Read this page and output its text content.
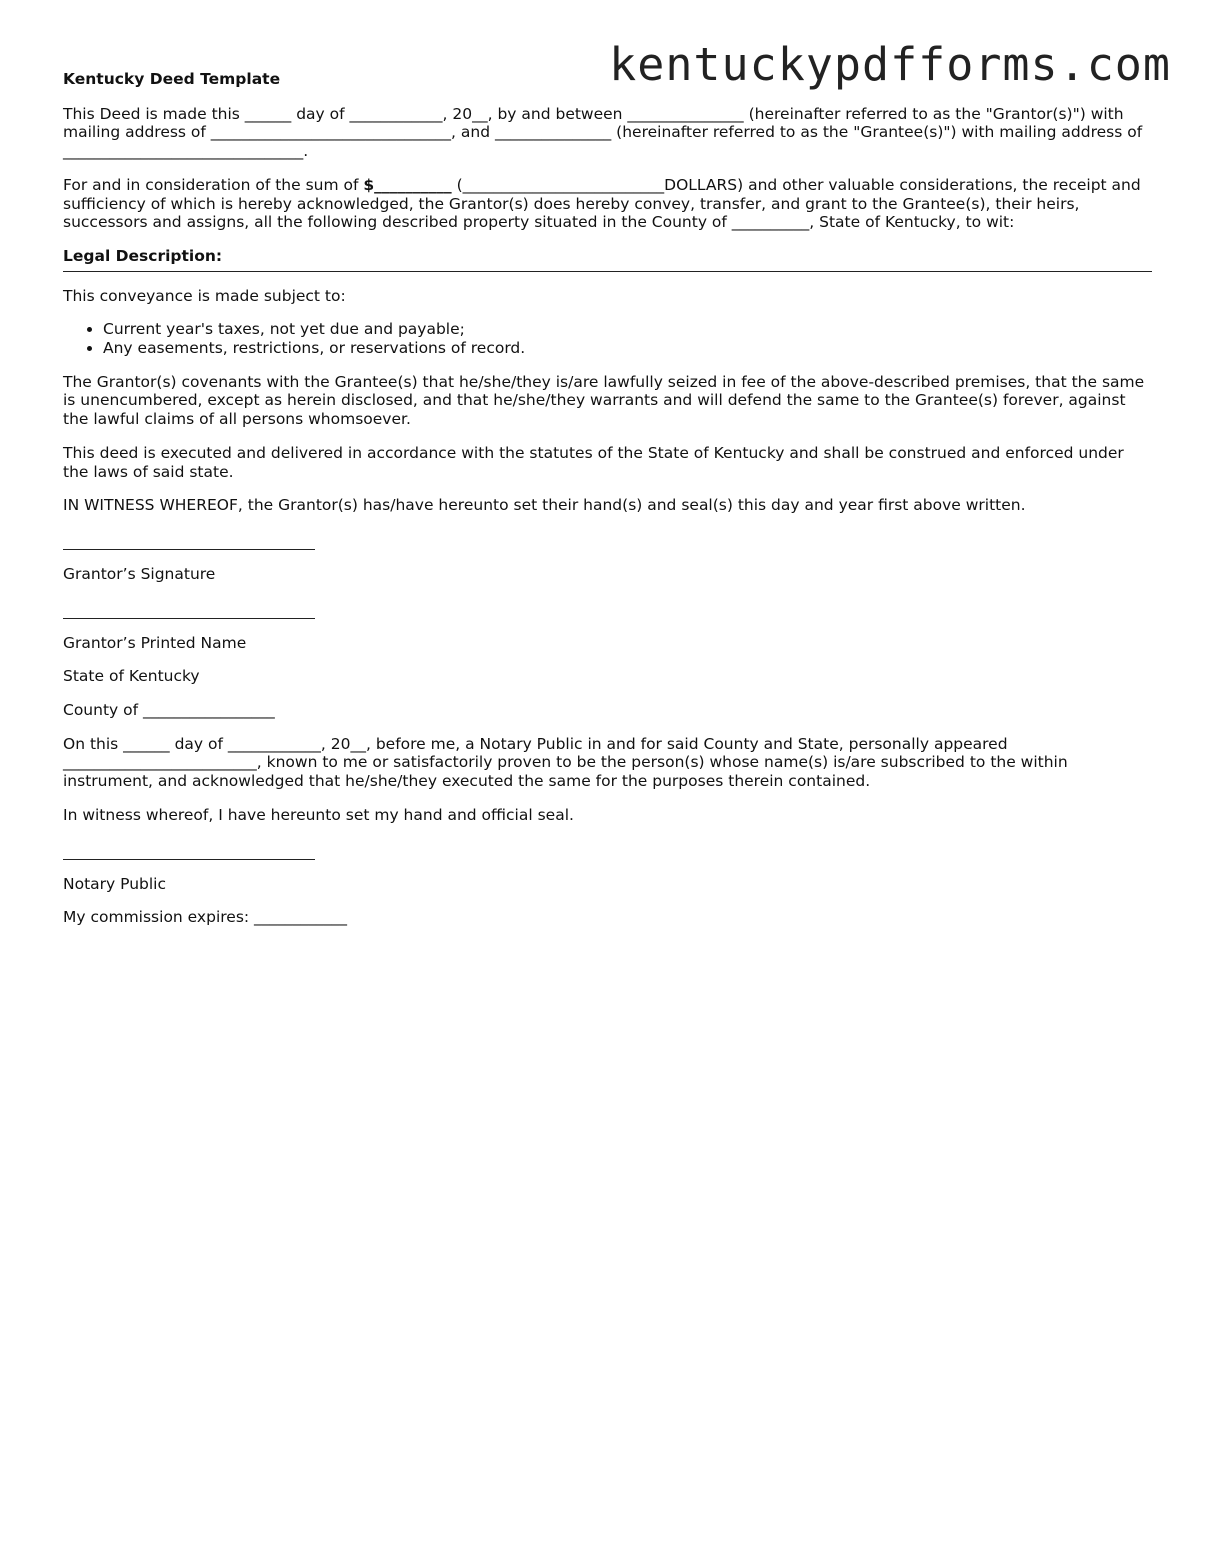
kentuckypdfforms.com
Kentucky Deed Template

This Deed is made this ______ day of ____________, 20__, by and between _______________ (hereinafter referred to as the "Grantor(s)") with mailing address of _______________________________, and _______________ (hereinafter referred to as the "Grantee(s)") with mailing address of _______________________________.

For and in consideration of the sum of $__________ (__________________________DOLLARS) and other valuable considerations, the receipt and sufficiency of which is hereby acknowledged, the Grantor(s) does hereby convey, transfer, and grant to the Grantee(s), their heirs, successors and assigns, all the following described property situated in the County of __________, State of Kentucky, to wit:

Legal Description:

This conveyance is made subject to:

• Current year's taxes, not yet due and payable;
• Any easements, restrictions, or reservations of record.

The Grantor(s) covenants with the Grantee(s) that he/she/they is/are lawfully seized in fee of the above-described premises, that the same is unencumbered, except as herein disclosed, and that he/she/they warrants and will defend the same to the Grantee(s) forever, against the lawful claims of all persons whomsoever.

This deed is executed and delivered in accordance with the statutes of the State of Kentucky and shall be construed and enforced under the laws of said state.

IN WITNESS WHEREOF, the Grantor(s) has/have hereunto set their hand(s) and seal(s) this day and year first above written.

Grantor’s Signature

Grantor’s Printed Name

State of Kentucky

County of _________________

On this ______ day of ____________, 20__, before me, a Notary Public in and for said County and State, personally appeared _________________________, known to me or satisfactorily proven to be the person(s) whose name(s) is/are subscribed to the within instrument, and acknowledged that he/she/they executed the same for the purposes therein contained.

In witness whereof, I have hereunto set my hand and official seal.

Notary Public

My commission expires: ____________
